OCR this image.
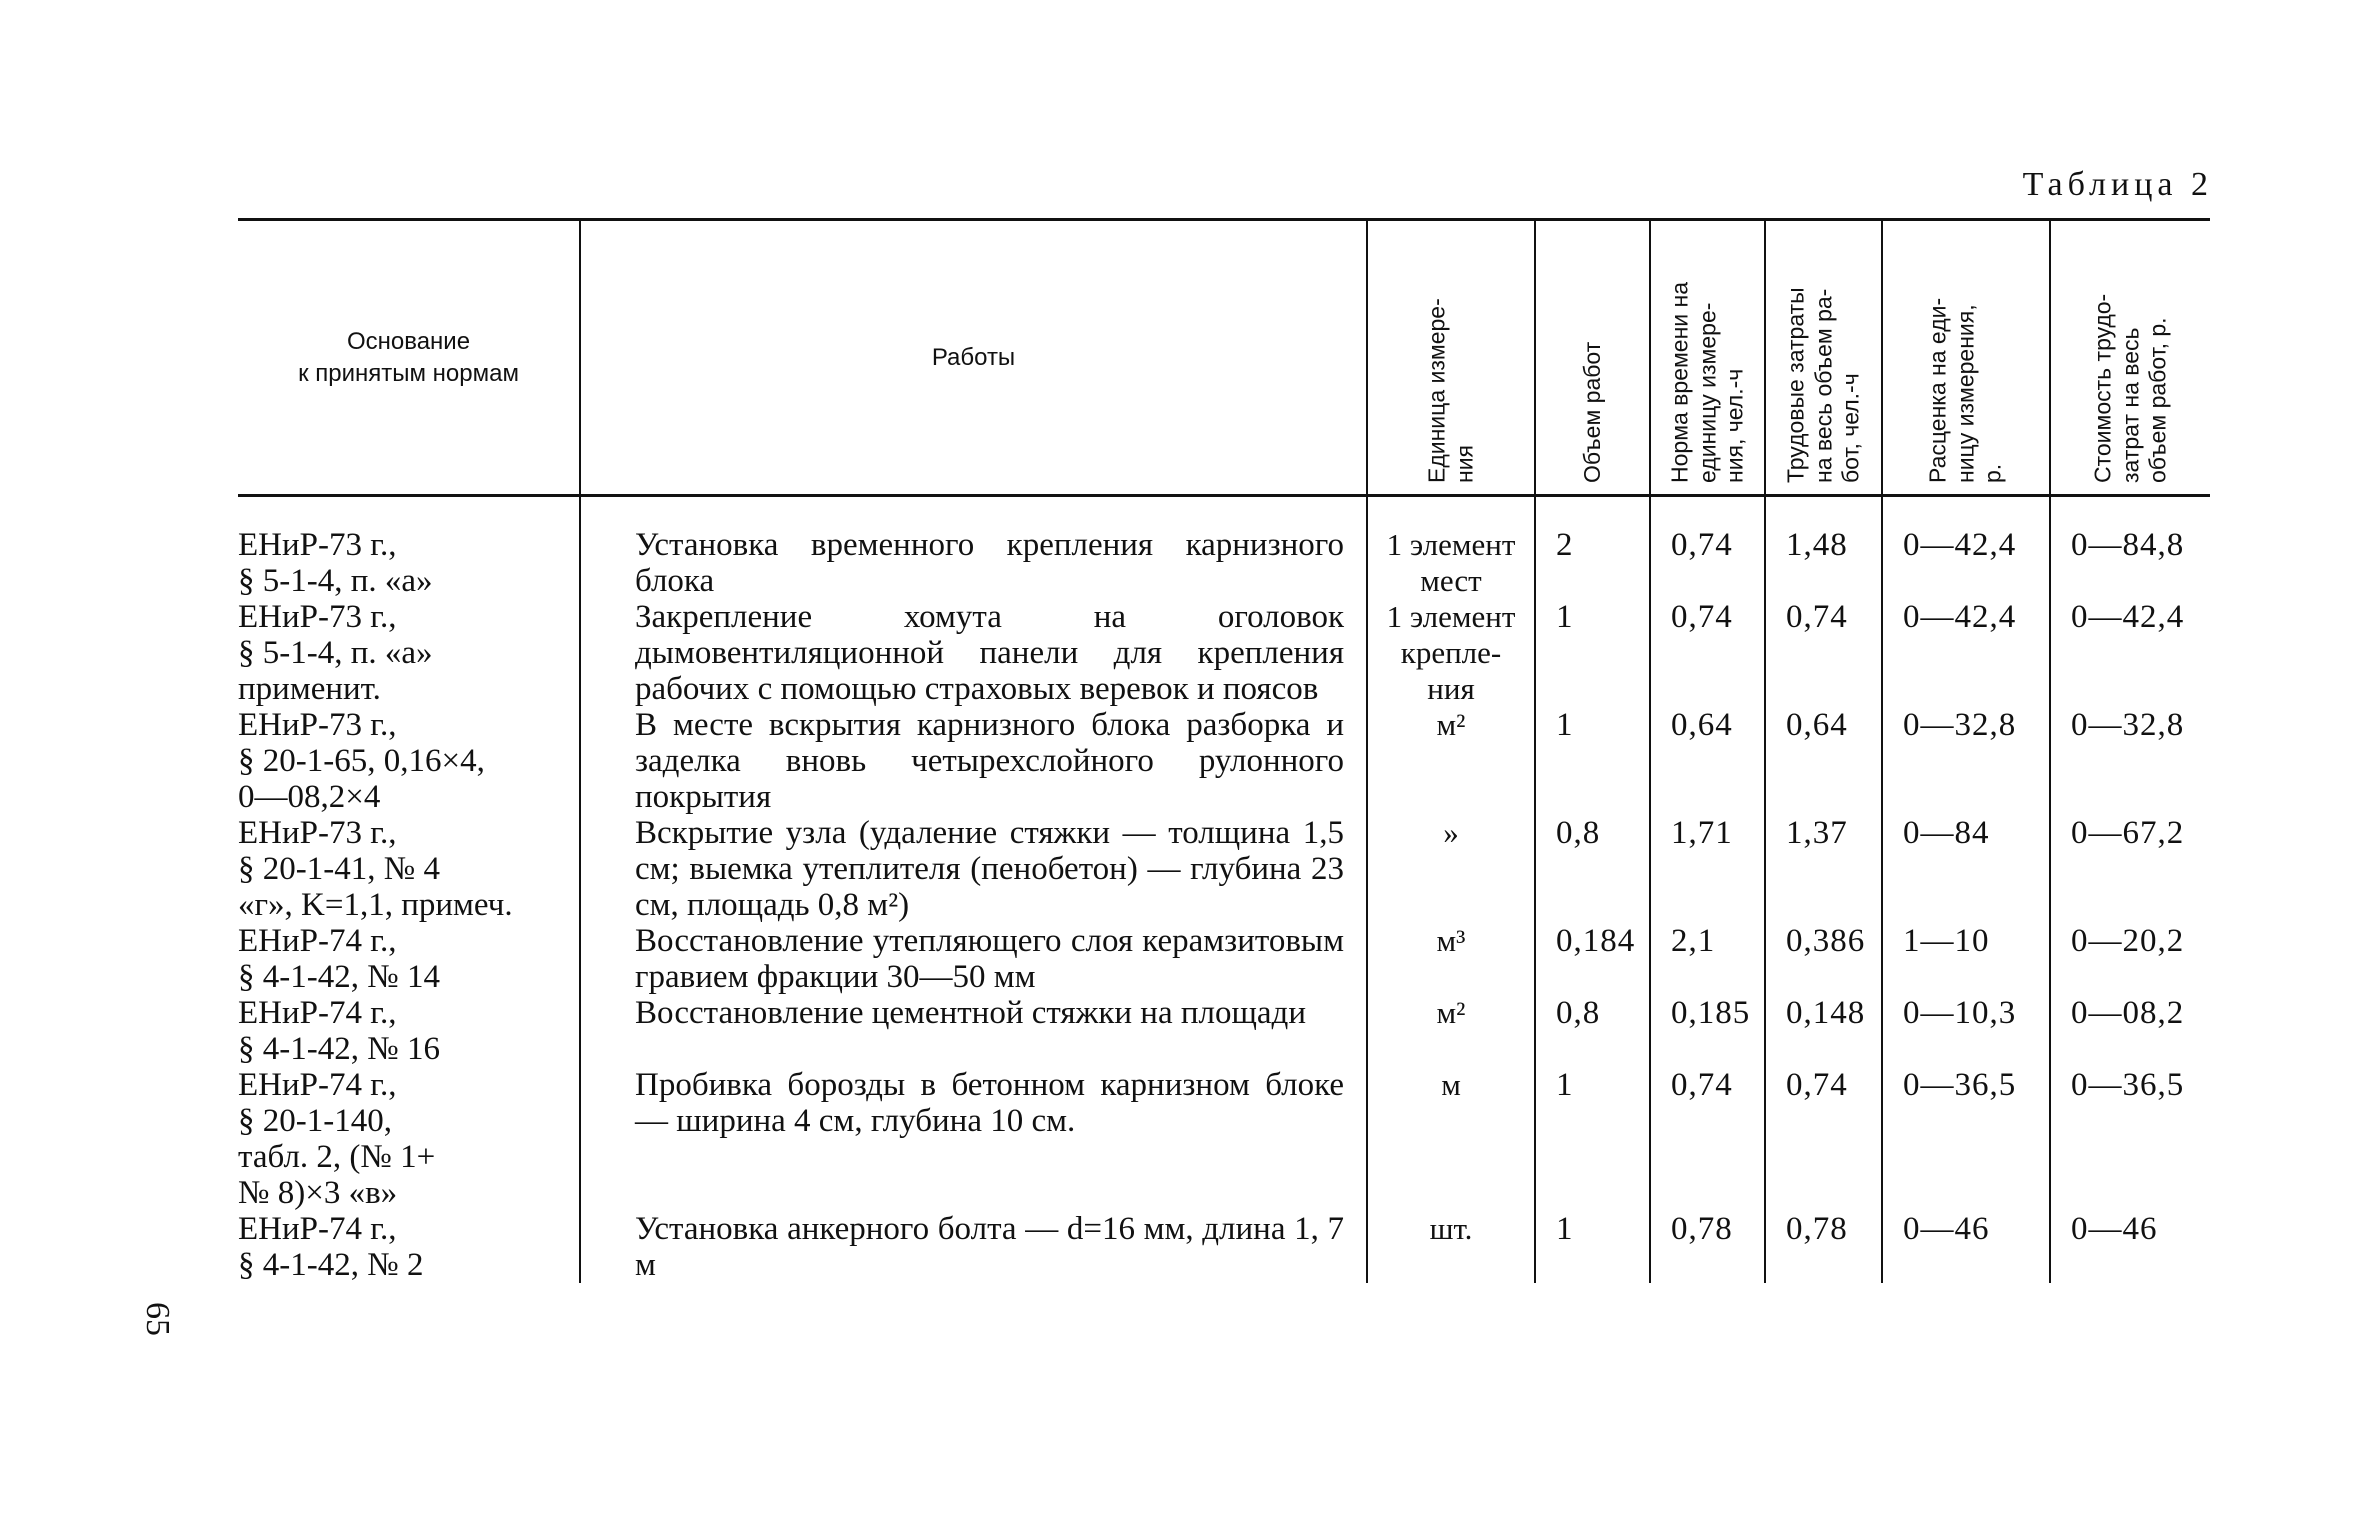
Таблица 2
65
Основание
к принятым нормам	Работы	Единица измере-
ния	Объем работ	Норма времени на
единицу измере-
ния, чел.-ч	Трудовые затраты
на весь объем ра-
бот, чел.-ч	Расценка на еди-
ницу измерения,
р.	Стоимость трудо-
затрат на весь
объем работ, р.

ЕНиР-73 г.,
§ 5-1-4, п. «а»	Установка временного крепления карнизного блока	1 элемент
мест	2	0,74	1,48	0—42,4	0—84,8
ЕНиР-73 г.,
§ 5-1-4, п. «а»
применит.	Закрепление хомута на оголовок дымовентиляционной панели для крепления рабочих с помощью страховых веревок и поясов	1 элемент
крепле-
ния	1	0,74	0,74	0—42,4	0—42,4
ЕНиР-73 г.,
§ 20-1-65, 0,16×4,
0—08,2×4	В месте вскрытия карнизного блока разборка и заделка вновь четырехслойного рулонного покрытия	м²	1	0,64	0,64	0—32,8	0—32,8
ЕНиР-73 г.,
§ 20-1-41, № 4
«г», K=1,1, примеч.	Вскрытие узла (удаление стяжки — толщина 1,5 см; выемка утеплителя (пенобетон) — глубина 23 см, площадь 0,8 м²)	»	0,8	1,71	1,37	0—84	0—67,2
ЕНиР-74 г.,
§ 4-1-42, № 14	Восстановление утепляющего слоя керамзитовым гравием фракции 30—50 мм	м³	0,184	2,1	0,386	1—10	0—20,2
ЕНиР-74 г.,
§ 4-1-42, № 16	Восстановление цементной стяжки на площади	м²	0,8	0,185	0,148	0—10,3	0—08,2
ЕНиР-74 г.,
§ 20-1-140,
табл. 2, (№ 1+
№ 8)×3 «в»	Пробивка борозды в бетонном карнизном блоке — ширина 4 см, глубина 10 см.	м	1	0,74	0,74	0—36,5	0—36,5
ЕНиР-74 г.,
§ 4-1-42, № 2	Установка анкерного болта — d=16 мм, длина 1, 7 м	шт.	1	0,78	0,78	0—46	0—46
